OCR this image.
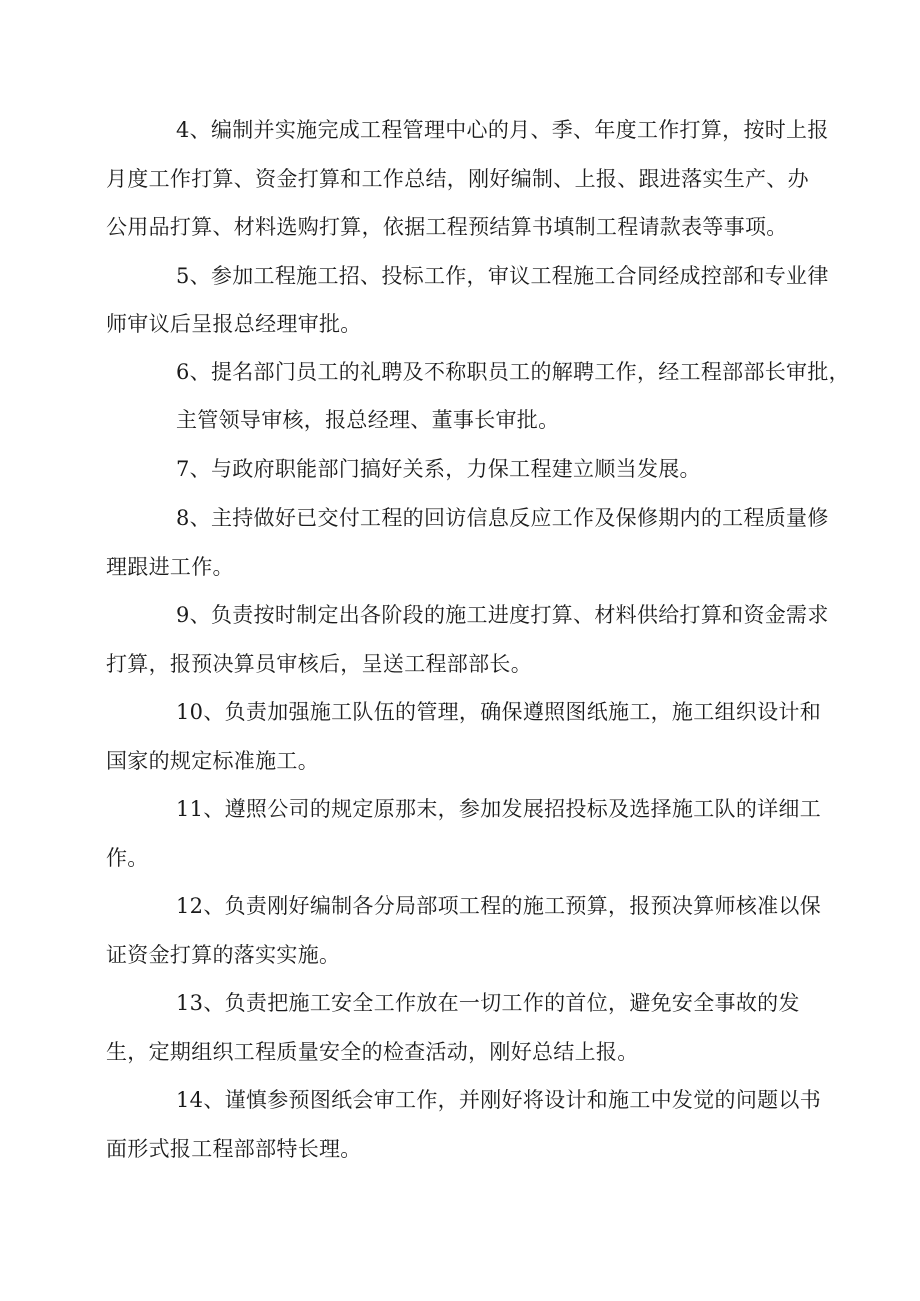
4、编制并实施完成工程管理中心的月、季、年度工作打算，按时上报
月度工作打算、资金打算和工作总结，刚好编制、上报、跟进落实生产、办
公用品打算、材料选购打算，依据工程预结算书填制工程请款表等事项。
5、参加工程施工招、投标工作，审议工程施工合同经成控部和专业律
师审议后呈报总经理审批。
6、提名部门员工的礼聘及不称职员工的解聘工作，经工程部部长审批，
主管领导审核，报总经理、董事长审批。
7、与政府职能部门搞好关系，力保工程建立顺当发展。
8、主持做好已交付工程的回访信息反应工作及保修期内的工程质量修
理跟进工作。
9、负责按时制定出各阶段的施工进度打算、材料供给打算和资金需求
打算，报预决算员审核后，呈送工程部部长。
10、负责加强施工队伍的管理，确保遵照图纸施工，施工组织设计和
国家的规定标准施工。
11、遵照公司的规定原那末，参加发展招投标及选择施工队的详细工
作。
12、负责刚好编制各分局部项工程的施工预算，报预决算师核准以保
证资金打算的落实实施。
13、负责把施工安全工作放在一切工作的首位，避免安全事故的发
生，定期组织工程质量安全的检查活动，刚好总结上报。
14、谨慎参预图纸会审工作，并刚好将设计和施工中发觉的问题以书
面形式报工程部部特长理。
